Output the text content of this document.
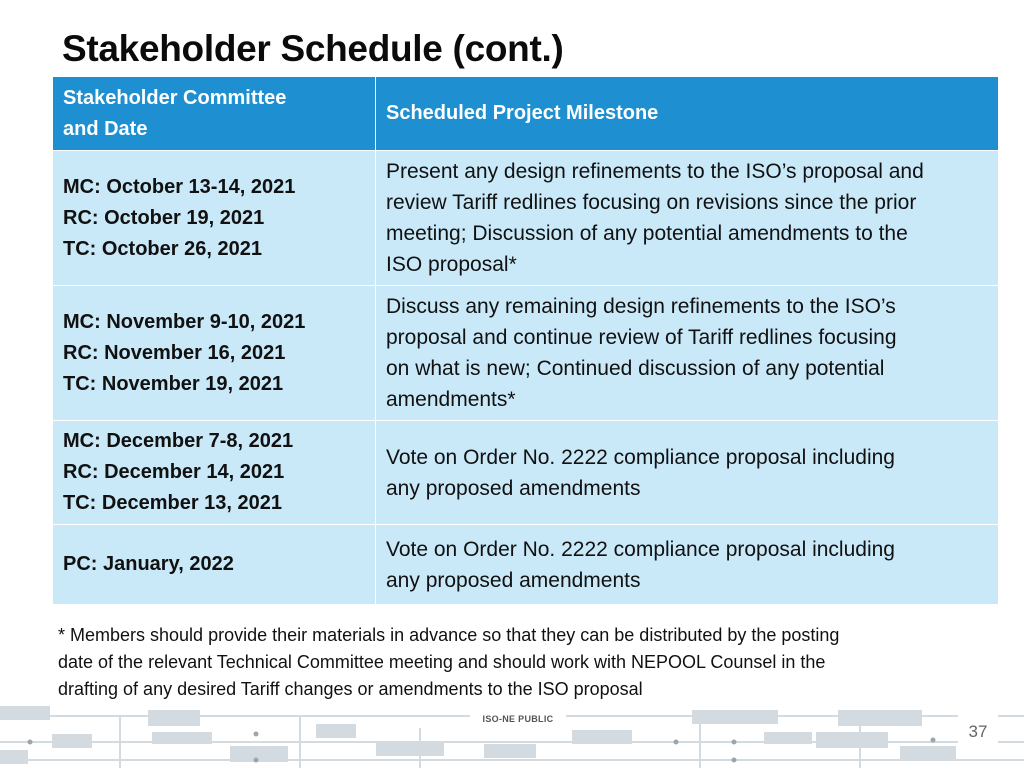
Stakeholder Schedule (cont.)
Stakeholder Committee
and Date	Scheduled Project Milestone

MC: October 13-14, 2021
RC: October 19, 2021
TC: October 26, 2021	Present any design refinements to the ISO’s proposal and
review Tariff redlines focusing on revisions since the prior
meeting; Discussion of any potential amendments to the
ISO proposal*

MC: November 9-10, 2021
RC: November 16, 2021
TC: November 19, 2021	Discuss any remaining design refinements to the ISO’s
proposal and continue review of Tariff redlines focusing
on what is new; Continued discussion of any potential
amendments*

MC: December 7-8, 2021
RC: December 14, 2021
TC: December 13, 2021	Vote on Order No. 2222 compliance proposal including
any proposed amendments

PC: January, 2022	Vote on Order No. 2222 compliance proposal including
any proposed amendments
* Members should provide their materials in advance so that they can be distributed by the posting
date of the relevant Technical Committee meeting and should work with NEPOOL Counsel in the
drafting of any desired Tariff changes or amendments to the ISO proposal
ISO-NE PUBLIC
37
